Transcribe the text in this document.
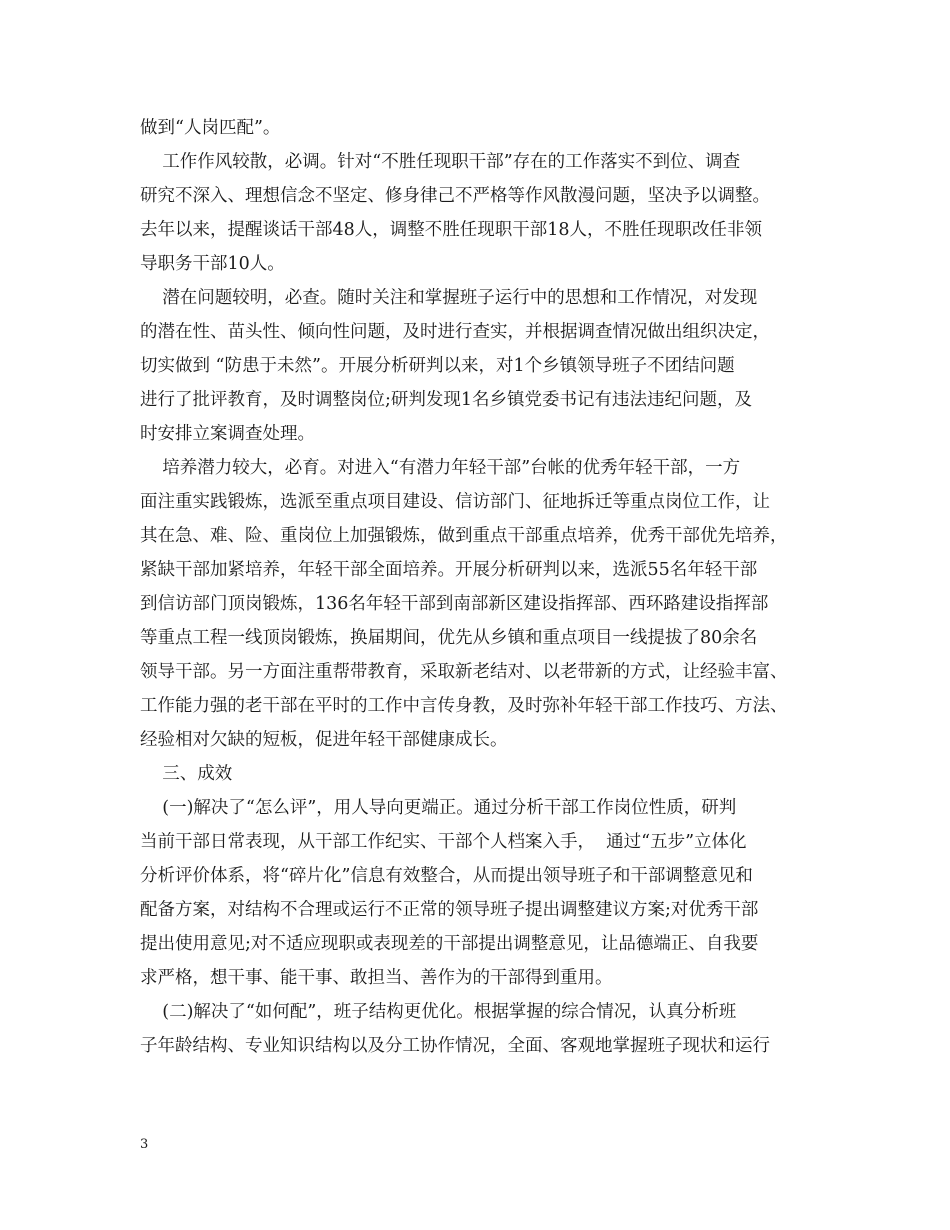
做到“人岗匹配”。
工作作风较散，必调。针对“不胜任现职干部”存在的工作落实不到位、调查
研究不深入、理想信念不坚定、修身律己不严格等作风散漫问题，坚决予以调整。
去年以来，提醒谈话干部48人，调整不胜任现职干部18人，不胜任现职改任非领
导职务干部10人。
潜在问题较明，必查。随时关注和掌握班子运行中的思想和工作情况，对发现
的潜在性、苗头性、倾向性问题，及时进行查实，并根据调查情况做出组织决定，
切实做到 “防患于未然”。开展分析研判以来，对1个乡镇领导班子不团结问题
进行了批评教育，及时调整岗位;研判发现1名乡镇党委书记有违法违纪问题，及
时安排立案调查处理。
培养潜力较大，必育。对进入“有潜力年轻干部”台帐的优秀年轻干部，一方
面注重实践锻炼，选派至重点项目建设、信访部门、征地拆迁等重点岗位工作，让
其在急、难、险、重岗位上加强锻炼，做到重点干部重点培养，优秀干部优先培养，
紧缺干部加紧培养，年轻干部全面培养。开展分析研判以来，选派55名年轻干部
到信访部门顶岗锻炼，136名年轻干部到南部新区建设指挥部、西环路建设指挥部
等重点工程一线顶岗锻炼，换届期间，优先从乡镇和重点项目一线提拔了80余名
领导干部。另一方面注重帮带教育，采取新老结对、以老带新的方式，让经验丰富、
工作能力强的老干部在平时的工作中言传身教，及时弥补年轻干部工作技巧、方法、
经验相对欠缺的短板，促进年轻干部健康成长。
三、成效
(一)解决了“怎么评”，用人导向更端正。通过分析干部工作岗位性质，研判
当前干部日常表现，从干部工作纪实、干部个人档案入手，  通过“五步”立体化
分析评价体系，将“碎片化”信息有效整合，从而提出领导班子和干部调整意见和
配备方案，对结构不合理或运行不正常的领导班子提出调整建议方案;对优秀干部
提出使用意见;对不适应现职或表现差的干部提出调整意见，让品德端正、自我要
求严格，想干事、能干事、敢担当、善作为的干部得到重用。
(二)解决了“如何配”，班子结构更优化。根据掌握的综合情况，认真分析班
子年龄结构、专业知识结构以及分工协作情况，全面、客观地掌握班子现状和运行
3
